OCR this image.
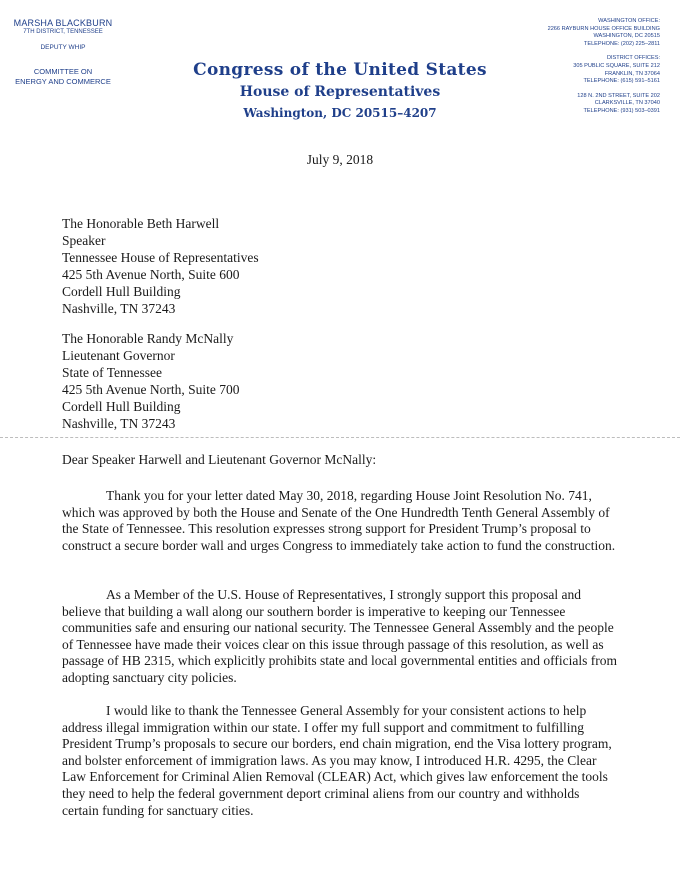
MARSHA BLACKBURN
7TH DISTRICT, TENNESSEE
DEPUTY WHIP
COMMITTEE ON
ENERGY AND COMMERCE
Congress of the United States
House of Representatives
Washington, DC 20515–4207
WASHINGTON OFFICE:
2266 RAYBURN HOUSE OFFICE BUILDING
WASHINGTON, DC 20515
TELEPHONE: (202) 225–2811
DISTRICT OFFICES:
305 PUBLIC SQUARE, SUITE 212
FRANKLIN, TN 37064
TELEPHONE: (615) 591–5161
128 N. 2ND STREET, SUITE 202
CLARKSVILLE, TN 37040
TELEPHONE: (931) 503–0391
July 9, 2018
The Honorable Beth Harwell
Speaker
Tennessee House of Representatives
425 5th Avenue North, Suite 600
Cordell Hull Building
Nashville, TN 37243
The Honorable Randy McNally
Lieutenant Governor
State of Tennessee
425 5th Avenue North, Suite 700
Cordell Hull Building
Nashville, TN 37243
Dear Speaker Harwell and Lieutenant Governor McNally:

Thank you for your letter dated May 30, 2018, regarding House Joint Resolution No. 741, which was approved by both the House and Senate of the One Hundredth Tenth General Assembly of the State of Tennessee. This resolution expresses strong support for President Trump’s proposal to construct a secure border wall and urges Congress to immediately take action to fund the construction.

As a Member of the U.S. House of Representatives, I strongly support this proposal and believe that building a wall along our southern border is imperative to keeping our Tennessee communities safe and ensuring our national security. The Tennessee General Assembly and the people of Tennessee have made their voices clear on this issue through passage of this resolution, as well as passage of HB 2315, which explicitly prohibits state and local governmental entities and officials from adopting sanctuary city policies.

I would like to thank the Tennessee General Assembly for your consistent actions to help address illegal immigration within our state. I offer my full support and commitment to fulfilling President Trump’s proposals to secure our borders, end chain migration, end the Visa lottery program, and bolster enforcement of immigration laws. As you may know, I introduced H.R. 4295, the Clear Law Enforcement for Criminal Alien Removal (CLEAR) Act, which gives law enforcement the tools they need to help the federal government deport criminal aliens from our country and withholds certain funding for sanctuary cities.
